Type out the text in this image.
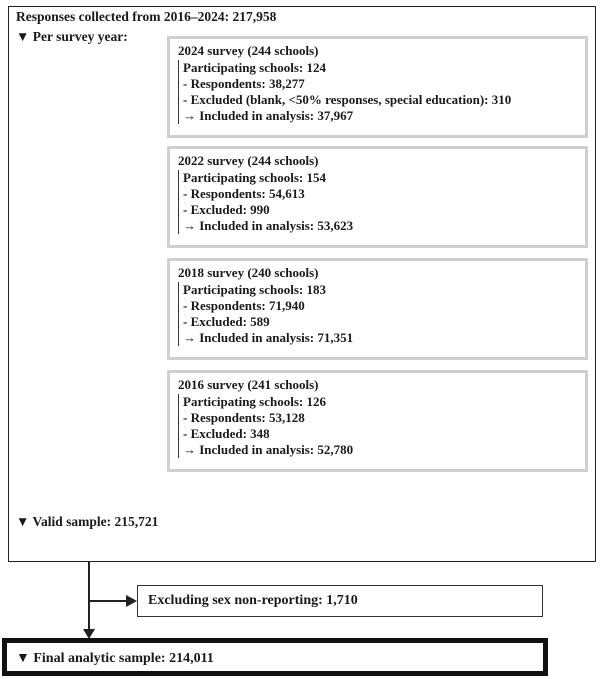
Responses collected from 2016–2024: 217,958
▼ Per survey year:
2024 survey (244 schools)
Participating schools: 124
- Respondents: 38,277
- Excluded (blank, <50% responses, special education): 310
→ Included in analysis: 37,967
2022 survey (244 schools)
Participating schools: 154
- Respondents: 54,613
- Excluded: 990
→ Included in analysis: 53,623
2018 survey (240 schools)
Participating schools: 183
- Respondents: 71,940
- Excluded: 589
→ Included in analysis: 71,351
2016 survey (241 schools)
Participating schools: 126
- Respondents: 53,128
- Excluded: 348
→ Included in analysis: 52,780
▼ Valid sample: 215,721
Excluding sex non-reporting: 1,710
▼ Final analytic sample: 214,011
